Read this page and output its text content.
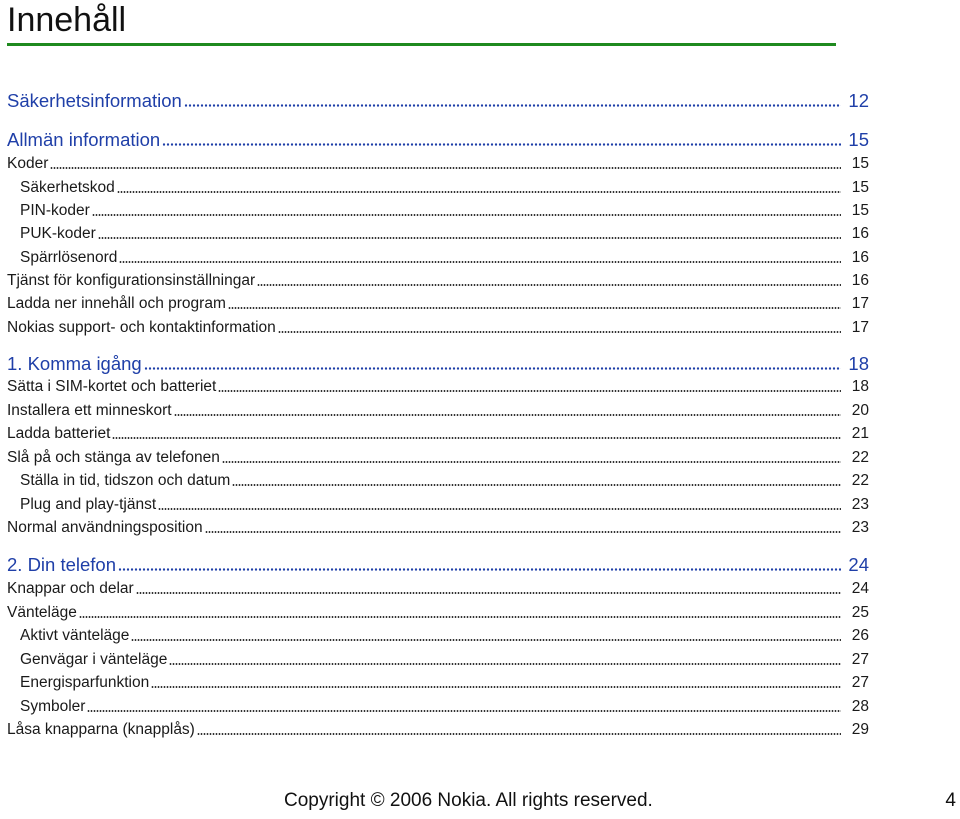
Innehåll
Säkerhetsinformation	12
Allmän information	15
Koder	15
Säkerhetskod	15
PIN-koder	15
PUK-koder	16
Spärrlösenord	16
Tjänst för konfigurationsinställningar	16
Ladda ner innehåll och program	17
Nokias support- och kontaktinformation	17
1. Komma igång	18
Sätta i SIM-kortet och batteriet	18
Installera ett minneskort	20
Ladda batteriet	21
Slå på och stänga av telefonen	22
Ställa in tid, tidszon och datum	22
Plug and play-tjänst	23
Normal användningsposition	23
2. Din telefon	24
Knappar och delar	24
Vänteläge	25
Aktivt vänteläge	26
Genvägar i vänteläge	27
Energisparfunktion	27
Symboler	28
Låsa knapparna (knapplås)	29
Copyright © 2006 Nokia. All rights reserved.	4
